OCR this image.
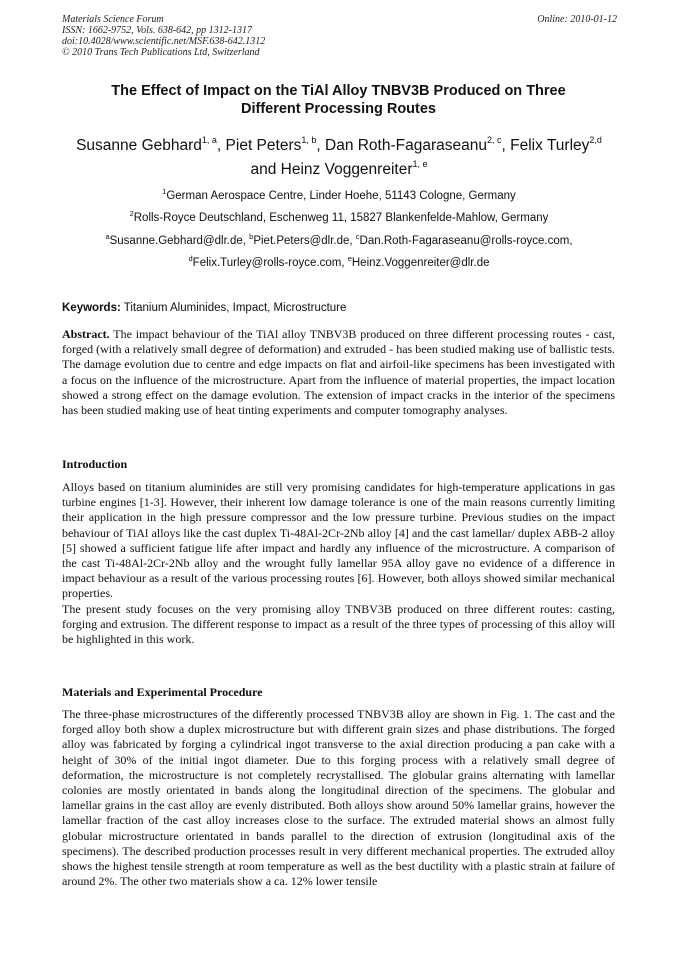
Materials Science Forum
ISSN: 1662-9752, Vols. 638-642, pp 1312-1317
doi:10.4028/www.scientific.net/MSF.638-642.1312
© 2010 Trans Tech Publications Ltd, Switzerland
Online: 2010-01-12
The Effect of Impact on the TiAl Alloy TNBV3B Produced on Three
Different Processing Routes
Susanne Gebhard$^{1, a}$, Piet Peters$^{1, b}$, Dan Roth-Fagaraseanu$^{2, c}$, Felix Turley$^{2,d}$
and Heinz Voggenreiter$^{1, e}$
$^1$German Aerospace Centre, Linder Hoehe, 51143 Cologne, Germany
$^2$Rolls-Royce Deutschland, Eschenweg 11, 15827 Blankenfelde-Mahlow, Germany
$^a$Susanne.Gebhard@dlr.de, $^b$Piet.Peters@dlr.de, $^c$Dan.Roth-Fagaraseanu@rolls-royce.com,
$^d$Felix.Turley@rolls-royce.com, $^e$Heinz.Voggenreiter@dlr.de
Keywords: Titanium Aluminides, Impact, Microstructure

Abstract. The impact behaviour of the TiAl alloy TNBV3B produced on three different processing routes - cast, forged (with a relatively small degree of deformation) and extruded - has been studied making use of ballistic tests. The damage evolution due to centre and edge impacts on flat and airfoil-like specimens has been investigated with a focus on the influence of the microstructure. Apart from the influence of material properties, the impact location showed a strong effect on the damage evolution. The extension of impact cracks in the interior of the specimens has been studied making use of heat tinting experiments and computer tomography analyses.

Introduction

Alloys based on titanium aluminides are still very promising candidates for high-temperature applications in gas turbine engines [1-3]. However, their inherent low damage tolerance is one of the main reasons currently limiting their application in the high pressure compressor and the low pressure turbine. Previous studies on the impact behaviour of TiAl alloys like the cast duplex Ti-48Al-2Cr-2Nb alloy [4] and the cast lamellar/ duplex ABB-2 alloy [5] showed a sufficient fatigue life after impact and hardly any influence of the microstructure. A comparison of the cast Ti-48Al-2Cr-2Nb alloy and the wrought fully lamellar 95A alloy gave no evidence of a difference in impact behaviour as a result of the various processing routes [6]. However, both alloys showed similar mechanical properties.

The present study focuses on the very promising alloy TNBV3B produced on three different routes: casting, forging and extrusion. The different response to impact as a result of the three types of processing of this alloy will be highlighted in this work.

Materials and Experimental Procedure

The three-phase microstructures of the differently processed TNBV3B alloy are shown in Fig. 1. The cast and the forged alloy both show a duplex microstructure but with different grain sizes and phase distributions. The forged alloy was fabricated by forging a cylindrical ingot transverse to the axial direction producing a pan cake with a height of 30% of the initial ingot diameter. Due to this forging process with a relatively small degree of deformation, the microstructure is not completely recrystallised. The globular grains alternating with lamellar colonies are mostly orientated in bands along the longitudinal direction of the specimens. The globular and lamellar grains in the cast alloy are evenly distributed. Both alloys show around 50% lamellar grains, however the lamellar fraction of the cast alloy increases close to the surface. The extruded material shows an almost fully globular microstructure orientated in bands parallel to the direction of extrusion (longitudinal axis of the specimens). The described production processes result in very different mechanical properties. The extruded alloy shows the highest tensile strength at room temperature as well as the best ductility with a plastic strain at failure of around 2%. The other two materials show a ca. 12% lower tensile
